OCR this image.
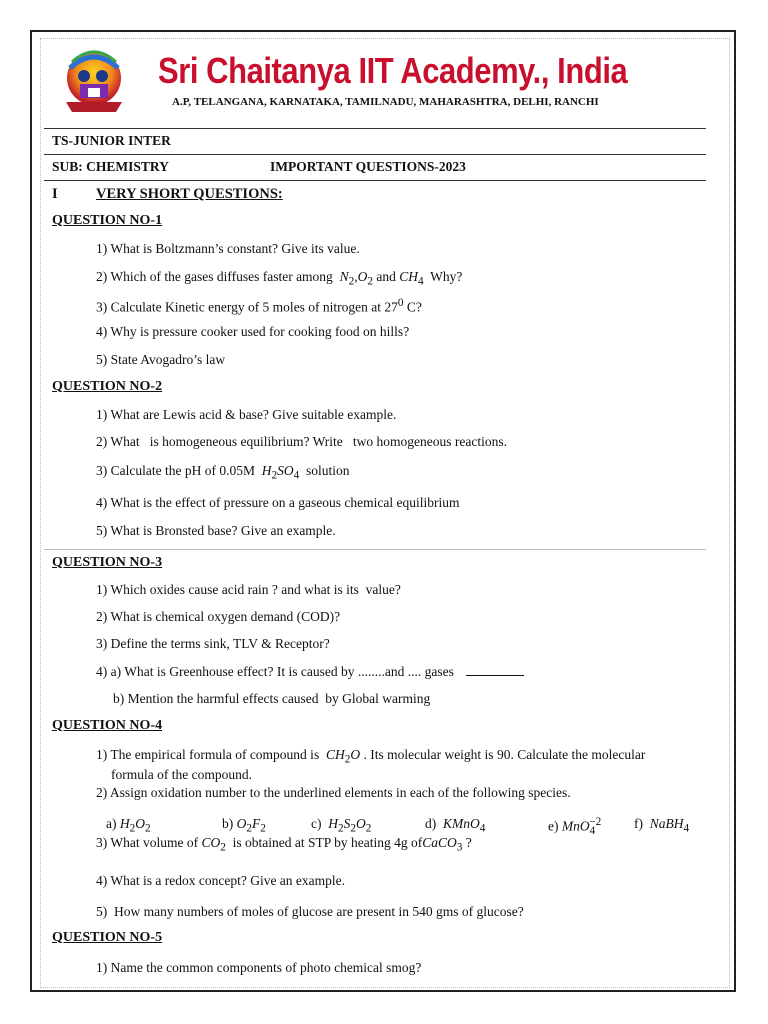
Sri Chaitanya IIT Academy., India
A.P, TELANGANA, KARNATAKA, TAMILNADU, MAHARASHTRA, DELHI, RANCHI
TS-JUNIOR INTER
SUB: CHEMISTRY	IMPORTANT QUESTIONS-2023
I	VERY SHORT QUESTIONS:
QUESTION NO-1
1) What is Boltzmann’s constant? Give its value.
2) Which of the gases diffuses faster among $N_2,O_2$ and $CH_4$ Why?
3) Calculate Kinetic energy of 5 moles of nitrogen at $27^0$ C?
4) Why is pressure cooker used for cooking food on hills?
5) State Avogadro’s law
QUESTION NO-2
1) What are Lewis acid & base? Give suitable example.
2) What   is homogeneous equilibrium? Write   two homogeneous reactions.
3) Calculate the pH of 0.05M $H_2SO_4$ solution
4) What is the effect of pressure on a gaseous chemical equilibrium
5) What is Bronsted base? Give an example.
QUESTION NO-3
1) Which oxides cause acid rain ? and what is its  value?
2) What is chemical oxygen demand (COD)?
3) Define the terms sink, TLV & Receptor?
4) a) What is Greenhouse effect? It is caused by ........and .... gases
b) Mention the harmful effects caused  by Global warming
QUESTION NO-4
1) The empirical formula of compound is $CH_2O$ . Its molecular weight is 90. Calculate the molecular
formula of the compound.
2) Assign oxidation number to the underlined elements in each of the following species.
a) $H_2O_2$	b) $O_2F_2$	c) $H_2S_2O_2$	d) KMnO$_4$	e) MnO$_4^{-2}$ f) NaBH$_4$
3) What volume of $CO_2$ is obtained at STP by heating 4g ofCaCO$_3$ ?
4) What is a redox concept? Give an example.
5)  How many numbers of moles of glucose are present in 540 gms of glucose?
QUESTION NO-5
1) Name the common components of photo chemical smog?
